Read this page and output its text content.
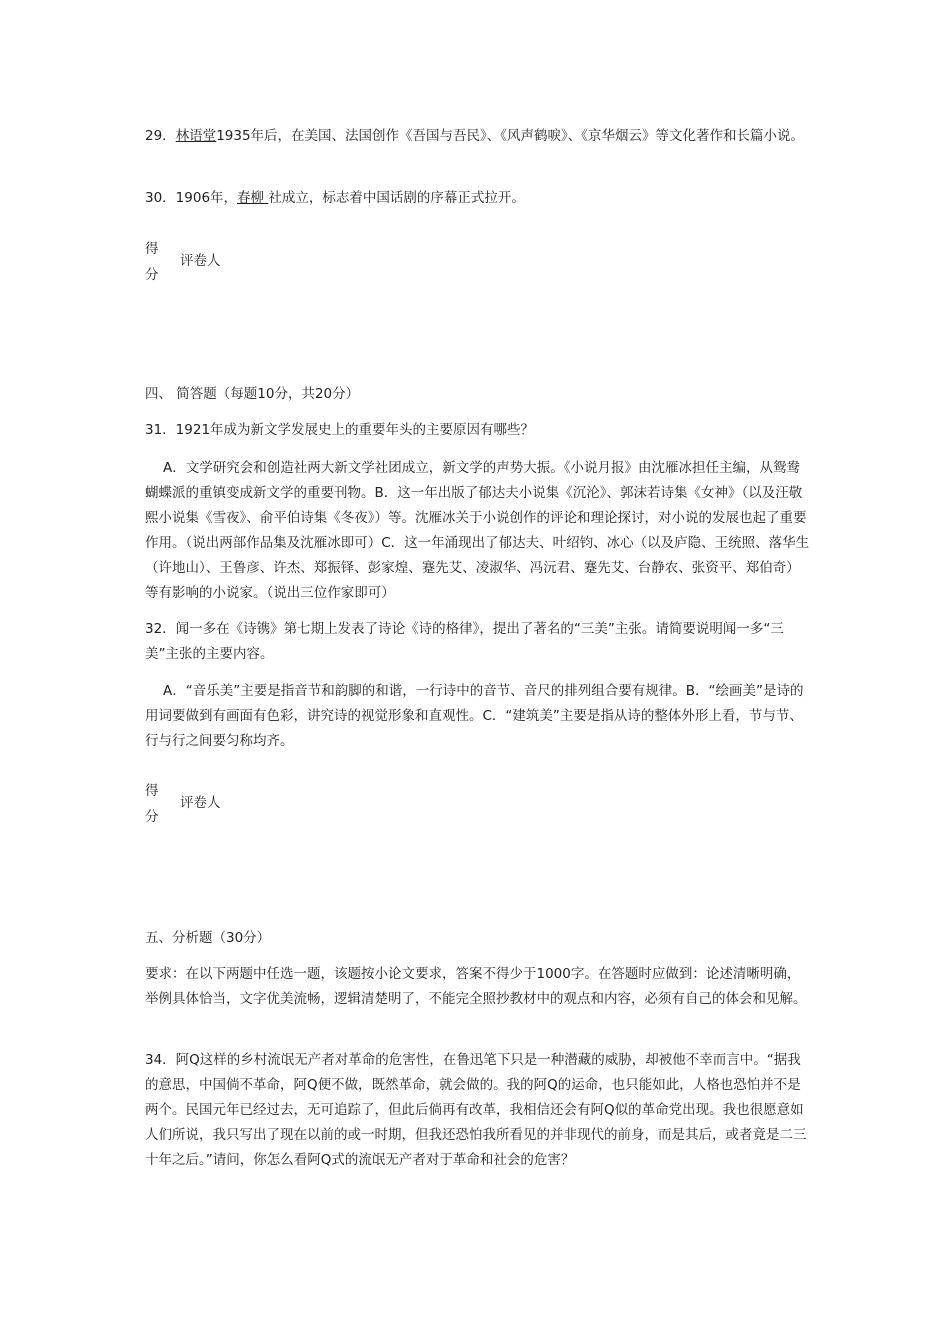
29．林语堂1935年后，在美国、法国创作《吾国与吾民》、《风声鹤唳》、《京华烟云》等文化著作和长篇小说。

30．1906年，春柳 社成立，标志着中国话剧的序幕正式拉开。

得分
评卷人

四、 简答题（每题10分，共20分）

31．1921年成为新文学发展史上的重要年头的主要原因有哪些？

A．文学研究会和创造社两大新文学社团成立，新文学的声势大振。《小说月报》由沈雁冰担任主编，从鸳鸯蝴蝶派的重镇变成新文学的重要刊物。B．这一年出版了郁达夫小说集《沉沦》、郭沫若诗集《女神》（以及汪敬熙小说集《雪夜》、俞平伯诗集《冬夜》）等。沈雁冰关于小说创作的评论和理论探讨，对小说的发展也起了重要作用。（说出两部作品集及沈雁冰即可）C．这一年涌现出了郁达夫、叶绍钧、冰心（以及庐隐、王统照、落华生（许地山）、王鲁彦、许杰、郑振铎、彭家煌、蹇先艾、凌淑华、冯沅君、蹇先艾、台静农、张资平、郑伯奇）等有影响的小说家。（说出三位作家即可）

32．闻一多在《诗镌》第七期上发表了诗论《诗的格律》，提出了著名的“三美”主张。请简要说明闻一多“三美”主张的主要内容。

A．“音乐美”主要是指音节和韵脚的和谐，一行诗中的音节、音尺的排列组合要有规律。B．“绘画美”是诗的用词要做到有画面有色彩，讲究诗的视觉形象和直观性。C．“建筑美”主要是指从诗的整体外形上看，节与节、行与行之间要匀称均齐。

得分
评卷人

五、分析题（30分）

要求：在以下两题中任选一题，该题按小论文要求，答案不得少于1000字。在答题时应做到：论述清晰明确，举例具体恰当，文字优美流畅，逻辑清楚明了，不能完全照抄教材中的观点和内容，必须有自己的体会和见解。

34．阿Q这样的乡村流氓无产者对革命的危害性，在鲁迅笔下只是一种潜藏的威胁，却被他不幸而言中。“据我的意思，中国倘不革命，阿Q便不做，既然革命，就会做的。我的阿Q的运命，也只能如此，人格也恐怕并不是两个。民国元年已经过去，无可追踪了，但此后倘再有改革，我相信还会有阿Q似的革命党出现。我也很愿意如人们所说，我只写出了现在以前的或一时期，但我还恐怕我所看见的并非现代的前身，而是其后，或者竟是二三十年之后。”请问，你怎么看阿Q式的流氓无产者对于革命和社会的危害？
